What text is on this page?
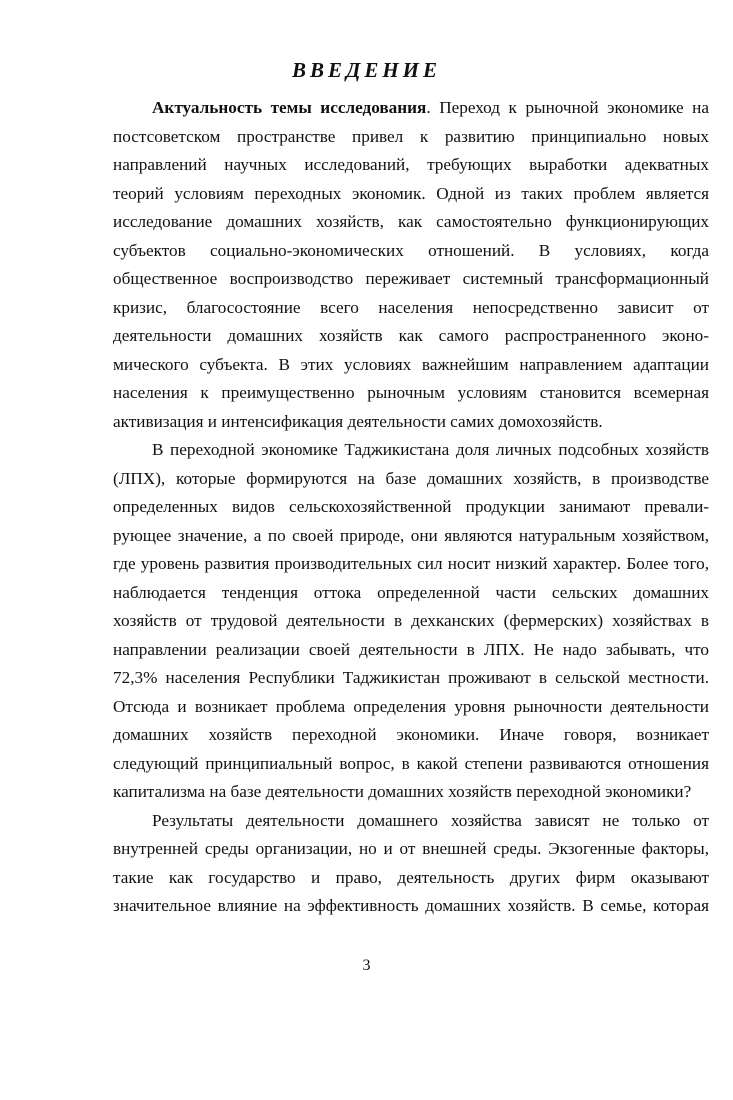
ВВЕДЕНИЕ

Актуальность темы исследования. Переход к рыночной экономике на
постсоветском пространстве привел к развитию принципиально новых
направлений научных исследований, требующих выработки адекватных
теорий условиям переходных экономик. Одной из таких проблем является
исследование домашних хозяйств, как самостоятельно функционирующих
субъектов социально-экономических отношений. В условиях, когда
общественное воспроизводство переживает системный трансформационный
кризис, благосостояние всего населения непосредственно зависит от
деятельности домашних хозяйств как самого распространенного эконо-
мического субъекта. В этих условиях важнейшим направлением адаптации
населения к преимущественно рыночным условиям становится всемерная
активизация и интенсификация деятельности самих домохозяйств.

В переходной экономике Таджикистана доля личных подсобных хозяйств
(ЛПХ), которые формируются на базе домашних хозяйств, в производстве
определенных видов сельскохозяйственной продукции занимают превали-
рующее значение, а по своей природе, они являются натуральным хозяйством,
где уровень развития производительных сил носит низкий характер. Более того,
наблюдается тенденция оттока определенной части сельских домашних
хозяйств от трудовой деятельности в дехканских (фермерских) хозяйствах в
направлении реализации своей деятельности в ЛПХ. Не надо забывать, что
72,3% населения Республики Таджикистан проживают в сельской местности.
Отсюда и возникает проблема определения уровня рыночности деятельности
домашних хозяйств переходной экономики. Иначе говоря, возникает
следующий принципиальный вопрос, в какой степени развиваются отношения
капитализма на базе деятельности домашних хозяйств переходной экономики?

Результаты деятельности домашнего хозяйства зависят не только от
внутренней среды организации, но и от внешней среды. Экзогенные факторы,
такие как государство и право, деятельность других фирм оказывают
значительное влияние на эффективность домашних хозяйств. В семье, которая

3
